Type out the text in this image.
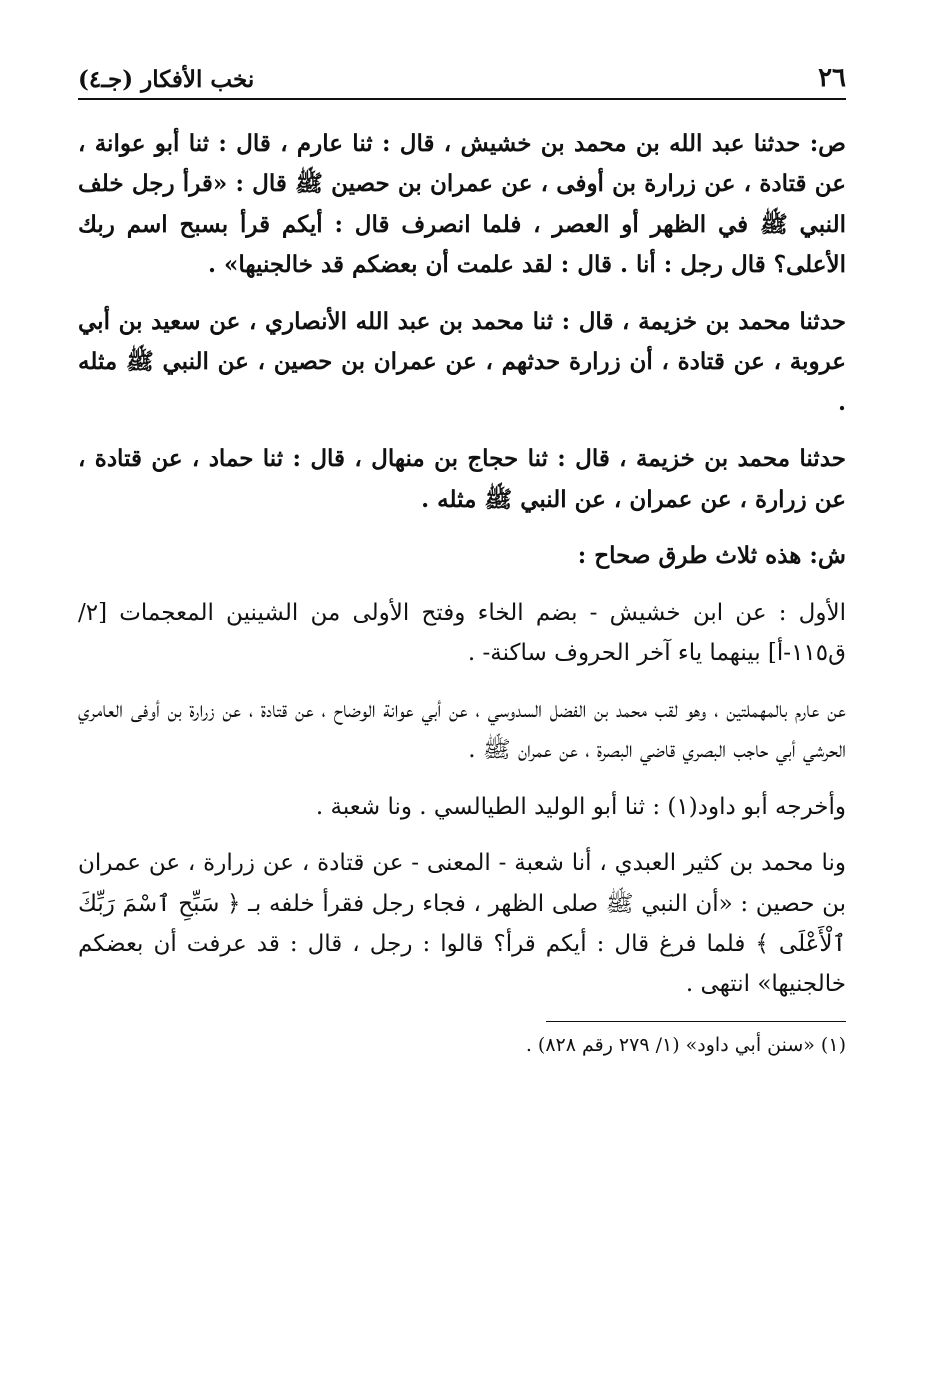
٢٦
نخب الأفكار (جـ٤)

ص: حدثنا عبد الله بن محمد بن خشيش ، قال : ثنا عارم ، قال : ثنا أبو عوانة ، عن قتادة ، عن زرارة بن أوفى ، عن عمران بن حصين ﷺ قال : «قرأ رجل خلف النبي ﷺ في الظهر أو العصر ، فلما انصرف قال : أيكم قرأ بسبح اسم ربك الأعلى؟ قال رجل : أنا . قال : لقد علمت أن بعضكم قد خالجنيها» .

حدثنا محمد بن خزيمة ، قال : ثنا محمد بن عبد الله الأنصاري ، عن سعيد بن أبي عروبة ، عن قتادة ، أن زرارة حدثهم ، عن عمران بن حصين ، عن النبي ﷺ مثله .

حدثنا محمد بن خزيمة ، قال : ثنا حجاج بن منهال ، قال : ثنا حماد ، عن قتادة ، عن زرارة ، عن عمران ، عن النبي ﷺ مثله .

ش: هذه ثلاث طرق صحاح :

الأول : عن ابن خشيش - بضم الخاء وفتح الأولى من الشينين المعجمات [٢/ ق١١٥-أ] بينهما ياء آخر الحروف ساكنة- .

عن عارم بالمهملتين ، وهو لقب محمد بن الفضل السدوسي ، عن أبي عوانة الوضاح ، عن قتادة ، عن زرارة بن أوفى العامري الحرشي أبي حاجب البصري قاضي البصرة ، عن عمران ﷺ .

وأخرجه أبو داود(١) : ثنا أبو الوليد الطيالسي . ونا شعبة .

ونا محمد بن كثير العبدي ، أنا شعبة - المعنى - عن قتادة ، عن زرارة ، عن عمران بن حصين : «أن النبي ﷺ صلى الظهر ، فجاء رجل فقرأ خلفه بـ ﴿ سَبِّحِ ٱسْمَ رَبِّكَ ٱلْأَعْلَى ﴾ فلما فرغ قال : أيكم قرأ؟ قالوا : رجل ، قال : قد عرفت أن بعضكم خالجنيها» انتهى .

(١) «سنن أبي داود» (١/ ٢٧٩ رقم ٨٢٨) .
